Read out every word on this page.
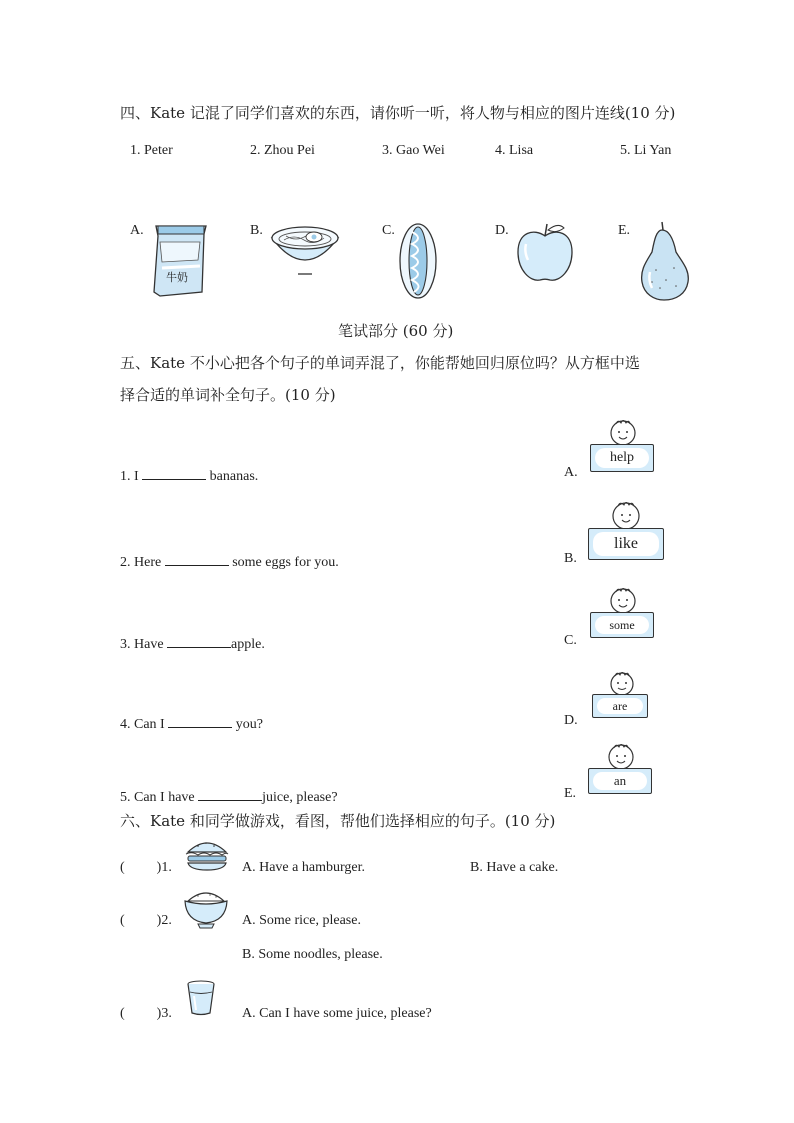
四、Kate 记混了同学们喜欢的东西，请你听一听，将人物与相应的图片连线(10 分)
1. Peter	2. Zhou Pei	3. Gao Wei	4. Lisa	5. Li Yan
A.	B.	C.	D.	E.
牛奶
笔试部分 (60 分)
五、Kate 不小心把各个句子的单词弄混了，你能帮她回归原位吗？从方框中选
择合适的单词补全句子。(10 分)
1. I	bananas.
2. Here	some eggs for you.
3. Have	apple.
4. Can I	you?
5. Can I have	juice, please?
A.
B.
C.
D.
E.
help
like
some
are
an
六、Kate 和同学做游戏，看图，帮他们选择相应的句子。(10 分)
( )1.	A. Have a hamburger.	B. Have a cake.
( )2.	A. Some rice, please.
B. Some noodles, please.
( )3.	A. Can I have some juice, please?
